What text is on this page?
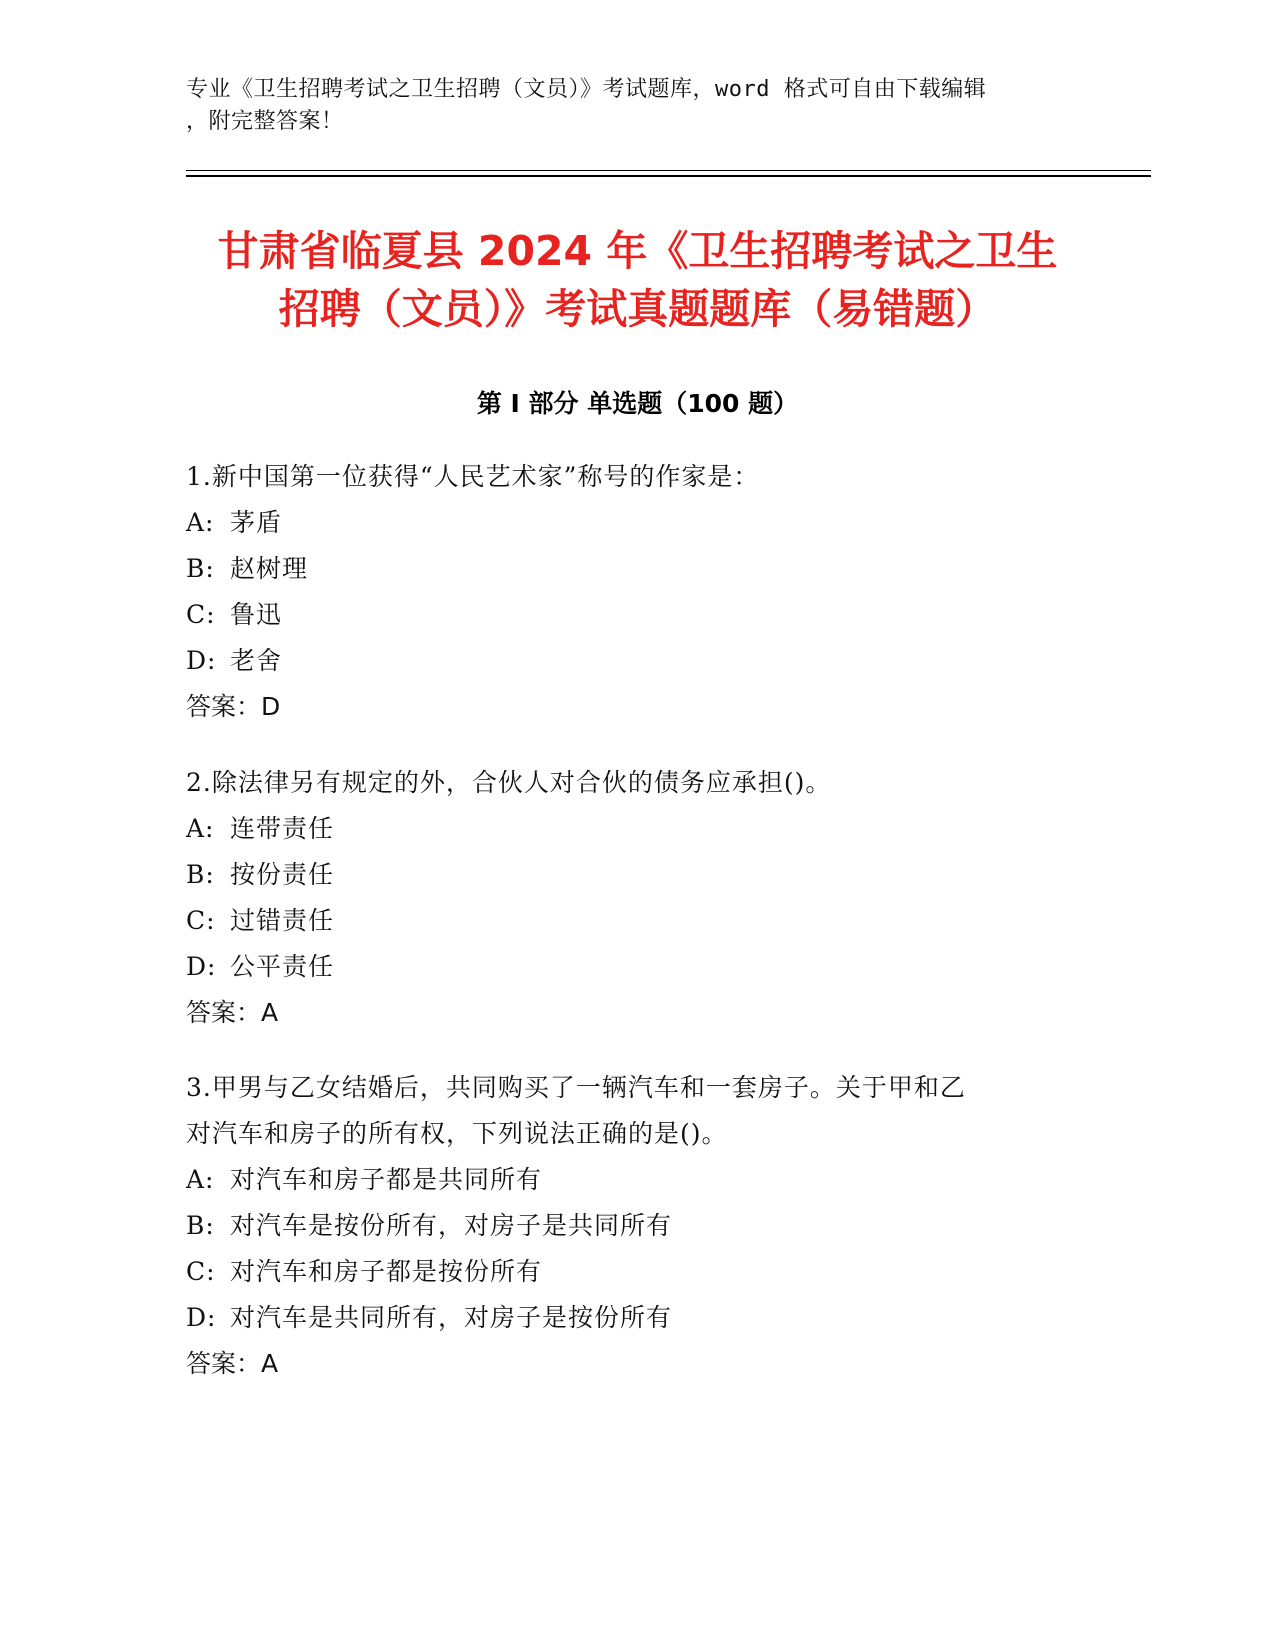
专业《卫生招聘考试之卫生招聘（文员）》考试题库，word 格式可自由下载编辑
，附完整答案！
甘肃省临夏县 2024 年《卫生招聘考试之卫生
招聘（文员）》考试真题题库（易错题）
第 I 部分 单选题（100 题）
1.新中国第一位获得“人民艺术家”称号的作家是：
A: 茅盾
B: 赵树理
C: 鲁迅
D: 老舍
答案：D
2.除法律另有规定的外，合伙人对合伙的债务应承担()。
A: 连带责任
B: 按份责任
C: 过错责任
D: 公平责任
答案：A
3.甲男与乙女结婚后，共同购买了一辆汽车和一套房子。关于甲和乙
对汽车和房子的所有权，下列说法正确的是()。
A: 对汽车和房子都是共同所有
B: 对汽车是按份所有，对房子是共同所有
C: 对汽车和房子都是按份所有
D: 对汽车是共同所有，对房子是按份所有
答案：A
